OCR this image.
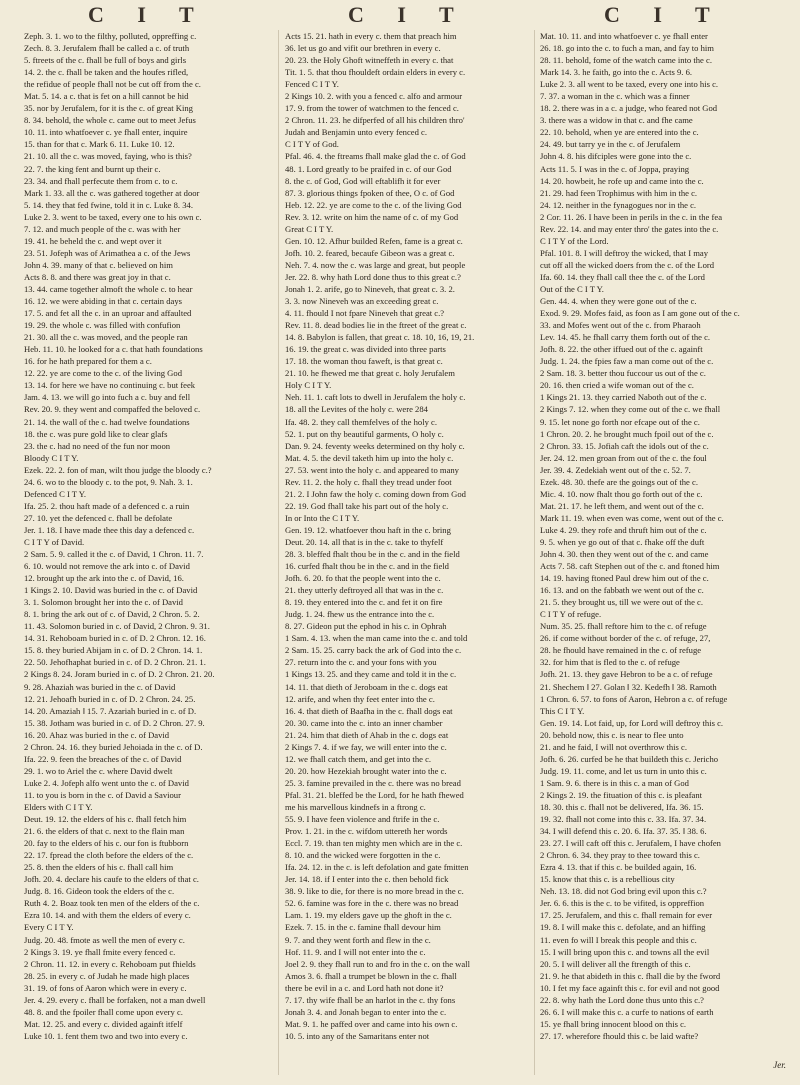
C I T	C I T	C I T
Zeph. 3. 1. wo to the filthy, polluted, oppreffing c.
Zech. 8. 3. Jerufalem fhall be called a c. of truth
5. ftreets of the c. fhall be full of boys and girls
14. 2. the c. fhall be taken and the houfes rifled,
the refidue of people fhall not be cut off from the c.
Mat. 5. 14. a c. that is fet on a hill cannot be hid
35. nor by Jerufalem, for it is the c. of great King
8. 34. behold, the whole c. came out to meet Jefus
10. 11. into whatfoever c. ye fhall enter, inquire
15. than for that c. Mark 6. 11. Luke 10. 12.
21. 10. all the c. was moved, faying, who is this?
22. 7. the king fent and burnt up their c.
23. 34. and fhall perfecute them from c. to c.
Mark 1. 33. all the c. was gathered together at door
5. 14. they that fed fwine, told it in c. Luke 8. 34.
Luke 2. 3. went to be taxed, every one to his own c.
7. 12. and much people of the c. was with her
19. 41. he beheld the c. and wept over it
23. 51. Jofeph was of Arimathea a c. of the Jews
John 4. 39. many of that c. believed on him
Acts 8. 8. and there was great joy in that c.
13. 44. came together almoft the whole c. to hear
16. 12. we were abiding in that c. certain days
17. 5. and fet all the c. in an uproar and affaulted
19. 29. the whole c. was filled with confufion
21. 30. all the c. was moved, and the people ran
Heb. 11. 10. he looked for a c. that hath foundations
16. for he hath prepared for them a c.
12. 22. ye are come to the c. of the living God
13. 14. for here we have no continuing c. but feek
Jam. 4. 13. we will go into fuch a c. buy and fell
Rev. 20. 9. they went and compaffed the beloved c.
21. 14. the wall of the c. had twelve foundations
18. the c. was pure gold like to clear glafs
23. the c. had no need of the fun nor moon
Bloody C I T Y.
Ezek. 22. 2. fon of man, wilt thou judge the bloody c.?
24. 6. wo to the bloody c. to the pot, 9. Nah. 3. 1.
Defenced C I T Y.
Ifa. 25. 2. thou haft made of a defenced c. a ruin
27. 10. yet the defenced c. fhall be defolate
Jer. 1. 18. I have made thee this day a defenced c.
C I T Y of David.
2 Sam. 5. 9. called it the c. of David, 1 Chron. 11. 7.
6. 10. would not remove the ark into c. of David
12. brought up the ark into the c. of David, 16.
1 Kings 2. 10. David was buried in the c. of David
3. 1. Solomon brought her into the c. of David
8. 1. bring the ark out of c. of David, 2 Chron. 5. 2.
11. 43. Solomon buried in c. of David, 2 Chron. 9. 31.
14. 31. Rehoboam buried in c. of D. 2 Chron. 12. 16.
15. 8. they buried Abijam in c. of D. 2 Chron. 14. 1.
22. 50. Jehofhaphat buried in c. of D. 2 Chron. 21. 1.
2 Kings 8. 24. Joram buried in c. of D. 2 Chron. 21. 20.
9. 28. Ahaziah was buried in the c. of David
12. 21. Jehoafh buried in c. of D. 2 Chron. 24. 25.
14. 20. Amaziah ‖ 15. 7. Azariah buried in c. of D.
15. 38. Jotham was buried in c. of D. 2 Chron. 27. 9.
16. 20. Ahaz was buried in the c. of David
2 Chron. 24. 16. they buried Jehoiada in the c. of D.
Ifa. 22. 9. feen the breaches of the c. of David
29. 1. wo to Ariel the c. where David dwelt
Luke 2. 4. Jofeph alfo went unto the c. of David
11. to you is born in the c. of David a Saviour
Elders with C I T Y.
Deut. 19. 12. the elders of his c. fhall fetch him
21. 6. the elders of that c. next to the flain man
20. fay to the elders of his c. our fon is ftubborn
22. 17. fpread the cloth before the elders of the c.
25. 8. then the elders of his c. fhall call him
Jofh. 20. 4. declare his caufe to the elders of that c.
Judg. 8. 16. Gideon took the elders of the c.
Ruth 4. 2. Boaz took ten men of the elders of the c.
Ezra 10. 14. and with them the elders of every c.
Every C I T Y.
Judg. 20. 48. fmote as well the men of every c.
2 Kings 3. 19. ye fhall fmite every fenced c.
2 Chron. 11. 12. in every c. Rehoboam put fhields
28. 25. in every c. of Judah he made high places
31. 19. of fons of Aaron which were in every c.
Jer. 4. 29. every c. fhall be forfaken, not a man dwell
48. 8. and the fpoiler fhall come upon every c.
Mat. 12. 25. and every c. divided againft itfelf
Luke 10. 1. fent them two and two into every c.
Acts 15. 21. hath in every c. them that preach him
36. let us go and vifit our brethren in every c.
20. 23. the Holy Ghoft witneffeth in every c. that
Tit. 1. 5. that thou fhouldeft ordain elders in every c.
Fenced C I T Y.
2 Kings 10. 2. with you a fenced c. alfo and armour
17. 9. from the tower of watchmen to the fenced c.
2 Chron. 11. 23. he difperfed of all his children thro'
Judah and Benjamin unto every fenced c.
C I T Y of God.
Pfal. 46. 4. the ftreams fhall make glad the c. of God
48. 1. Lord greatly to be praifed in c. of our God
8. the c. of God, God will eftablifh it for ever
87. 3. glorious things fpoken of thee, O c. of God
Heb. 12. 22. ye are come to the c. of the living God
Rev. 3. 12. write on him the name of c. of my God
Great C I T Y.
Gen. 10. 12. Afhur builded Refen, fame is a great c.
Jofh. 10. 2. feared, becaufe Gibeon was a great c.
Neh. 7. 4. now the c. was large and great, but people
Jer. 22. 8. why hath Lord done thus to this great c.?
Jonah 1. 2. arife, go to Nineveh, that great c. 3. 2.
3. 3. now Nineveh was an exceeding great c.
4. 11. fhould I not fpare Nineveh that great c.?
Rev. 11. 8. dead bodies lie in the ftreet of the great c.
14. 8. Babylon is fallen, that great c. 18. 10, 16, 19, 21.
16. 19. the great c. was divided into three parts
17. 18. the woman thou faweft, is that great c.
21. 10. he fhewed me that great c. holy Jerufalem
Holy C I T Y.
Neh. 11. 1. caft lots to dwell in Jerufalem the holy c.
18. all the Levites of the holy c. were 284
Ifa. 48. 2. they call themfelves of the holy c.
52. 1. put on thy beautiful garments, O holy c.
Dan. 9. 24. feventy weeks determined on thy holy c.
Mat. 4. 5. the devil taketh him up into the holy c.
27. 53. went into the holy c. and appeared to many
Rev. 11. 2. the holy c. fhall they tread under foot
21. 2. I John faw the holy c. coming down from God
22. 19. God fhall take his part out of the holy c.
In or Into the C I T Y.
Gen. 19. 12. whatfoever thou haft in the c. bring
Deut. 20. 14. all that is in the c. take to thyfelf
28. 3. bleffed fhalt thou be in the c. and in the field
16. curfed fhalt thou be in the c. and in the field
Jofh. 6. 20. fo that the people went into the c.
21. they utterly deftroyed all that was in the c.
8. 19. they entered into the c. and fet it on fire
Judg. 1. 24. fhew us the entrance into the c.
8. 27. Gideon put the ephod in his c. in Ophrah
1 Sam. 4. 13. when the man came into the c. and told
2 Sam. 15. 25. carry back the ark of God into the c.
27. return into the c. and your fons with you
1 Kings 13. 25. and they came and told it in the c.
14. 11. that dieth of Jeroboam in the c. dogs eat
12. arife, and when thy feet enter into the c.
16. 4. that dieth of Baafha in the c. fhall dogs eat
20. 30. came into the c. into an inner chamber
21. 24. him that dieth of Ahab in the c. dogs eat
2 Kings 7. 4. if we fay, we will enter into the c.
12. we fhall catch them, and get into the c.
20. 20. how Hezekiah brought water into the c.
25. 3. famine prevailed in the c. there was no bread
Pfal. 31. 21. bleffed be the Lord, for he hath fhewed
me his marvellous kindnefs in a ftrong c.
55. 9. I have feen violence and ftrife in the c.
Prov. 1. 21. in the c. wifdom uttereth her words
Eccl. 7. 19. than ten mighty men which are in the c.
8. 10. and the wicked were forgotten in the c.
Ifa. 24. 12. in the c. is left defolation and gate fmitten
Jer. 14. 18. if I enter into the c. then behold fick
38. 9. like to die, for there is no more bread in the c.
52. 6. famine was fore in the c. there was no bread
Lam. 1. 19. my elders gave up the ghoft in the c.
Ezek. 7. 15. in the c. famine fhall devour him
9. 7. and they went forth and flew in the c.
Hof. 11. 9. and I will not enter into the c.
Joel 2. 9. they fhall run to and fro in the c. on the wall
Amos 3. 6. fhall a trumpet be blown in the c. fhall
there be evil in a c. and Lord hath not done it?
7. 17. thy wife fhall be an harlot in the c. thy fons
Jonah 3. 4. and Jonah began to enter into the c.
Mat. 9. 1. he paffed over and came into his own c.
10. 5. into any of the Samaritans enter not
Mat. 10. 11. and into whatfoever c. ye fhall enter
26. 18. go into the c. to fuch a man, and fay to him
28. 11. behold, fome of the watch came into the c.
Mark 14. 3. he faith, go into the c. Acts 9. 6.
Luke 2. 3. all went to be taxed, every one into his c.
7. 37. a woman in the c. which was a finner
18. 2. there was in a c. a judge, who feared not God
3. there was a widow in that c. and fhe came
22. 10. behold, when ye are entered into the c.
24. 49. but tarry ye in the c. of Jerufalem
John 4. 8. his difciples were gone into the c.
Acts 11. 5. I was in the c. of Joppa, praying
14. 20. howbeit, he rofe up and came into the c.
21. 29. had feen Trophimus with him in the c.
24. 12. neither in the fynagogues nor in the c.
2 Cor. 11. 26. I have been in perils in the c. in the fea
Rev. 22. 14. and may enter thro' the gates into the c.
C I T Y of the Lord.
Pfal. 101. 8. I will deftroy the wicked, that I may
cut off all the wicked doers from the c. of the Lord
Ifa. 60. 14. they fhall call thee the c. of the Lord
Out of the C I T Y.
Gen. 44. 4. when they were gone out of the c.
Exod. 9. 29. Mofes faid, as foon as I am gone out of the c.
33. and Mofes went out of the c. from Pharaoh
Lev. 14. 45. he fhall carry them forth out of the c.
Jofh. 8. 22. the other iffued out of the c. againft
Judg. 1. 24. the fpies faw a man come out of the c.
2 Sam. 18. 3. better thou fuccour us out of the c.
20. 16. then cried a wife woman out of the c.
1 Kings 21. 13. they carried Naboth out of the c.
2 Kings 7. 12. when they come out of the c. we fhall
9. 15. let none go forth nor efcape out of the c.
1 Chron. 20. 2. he brought much fpoil out of the c.
2 Chron. 33. 15. Jofiah caft the idols out of the c.
Jer. 24. 12. men groan from out of the c. the foul
Jer. 39. 4. Zedekiah went out of the c. 52. 7.
Ezek. 48. 30. thefe are the goings out of the c.
Mic. 4. 10. now fhalt thou go forth out of the c.
Mat. 21. 17. he left them, and went out of the c.
Mark 11. 19. when even was come, went out of the c.
Luke 4. 29. they rofe and thruft him out of the c.
9. 5. when ye go out of that c. fhake off the duft
John 4. 30. then they went out of the c. and came
Acts 7. 58. caft Stephen out of the c. and ftoned him
14. 19. having ftoned Paul drew him out of the c.
16. 13. and on the fabbath we went out of the c.
21. 5. they brought us, till we were out of the c.
C I T Y of refuge.
Num. 35. 25. fhall reftore him to the c. of refuge
26. if come without border of the c. of refuge, 27,
28. he fhould have remained in the c. of refuge
32. for him that is fled to the c. of refuge
Jofh. 21. 13. they gave Hebron to be a c. of refuge
21. Shechem ‖ 27. Golan ‖ 32. Kedefh ‖ 38. Ramoth
1 Chron. 6. 57. to fons of Aaron, Hebron a c. of refuge
This C I T Y.
Gen. 19. 14. Lot faid, up, for Lord will deftroy this c.
20. behold now, this c. is near to flee unto
21. and he faid, I will not overthrow this c.
Jofh. 6. 26. curfed be he that buildeth this c. Jericho
Judg. 19. 11. come, and let us turn in unto this c.
1 Sam. 9. 6. there is in this c. a man of God
2 Kings 2. 19. the fituation of this c. is pleafant
18. 30. this c. fhall not be delivered, Ifa. 36. 15.
19. 32. fhall not come into this c. 33. Ifa. 37. 34.
34. I will defend this c. 20. 6. Ifa. 37. 35. ‖ 38. 6.
23. 27. I will caft off this c. Jerufalem, I have chofen
2 Chron. 6. 34. they pray to thee toward this c.
Ezra 4. 13. that if this c. be builded again, 16.
15. know that this c. is a rebellious city
Neh. 13. 18. did not God bring evil upon this c.?
Jer. 6. 6. this is the c. to be vifited, is oppreffion
17. 25. Jerufalem, and this c. fhall remain for ever
19. 8. I will make this c. defolate, and an hiffing
11. even fo will I break this people and this c.
15. I will bring upon this c. and towns all the evil
20. 5. I will deliver all the ftrength of this c.
21. 9. he that abideth in this c. fhall die by the fword
10. I fet my face againft this c. for evil and not good
22. 8. why hath the Lord done thus unto this c.?
26. 6. I will make this c. a curfe to nations of earth
15. ye fhall bring innocent blood on this c.
27. 17. wherefore fhould this c. be laid wafte?
Jer.
